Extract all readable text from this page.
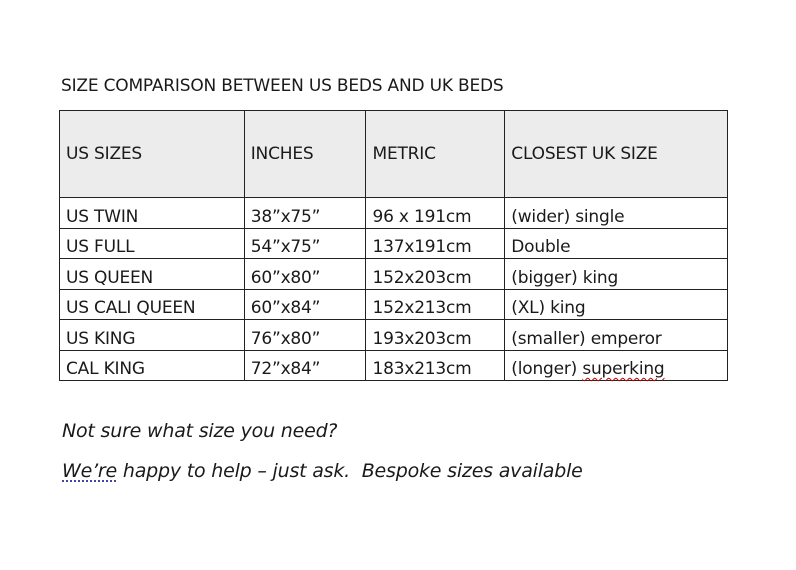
SIZE COMPARISON BETWEEN US BEDS AND UK BEDS
US SIZES	INCHES	METRIC	CLOSEST UK SIZE
US TWIN	38”x75”	96 x 191cm	(wider) single
US FULL	54”x75”	137x191cm	Double
US QUEEN	60”x80”	152x203cm	(bigger) king
US CALI QUEEN	60”x84”	152x213cm	(XL) king
US KING	76”x80”	193x203cm	(smaller) emperor
CAL KING	72”x84”	183x213cm	(longer) superking
Not sure what size you need?
We’re happy to help – just ask.  Bespoke sizes available
